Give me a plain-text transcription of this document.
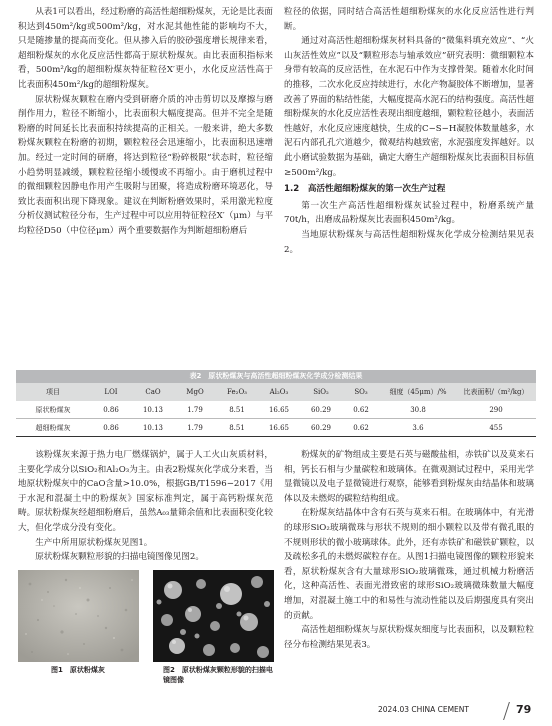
从表1可以看出，经过粉磨的高活性超细粉煤灰，无论是比表面积达到450m²/kg或500m²/kg，对水泥其他性能的影响均不大，只是随掺量的提高而变化。但从掺入后的胶砂强度增长规律来看，超细粉煤灰的水化反应活性都高于原状粉煤灰。由比表面积指标来看，500m²/kg的超细粉煤灰特征粒径X′更小，水化反应活性高于比表面积450m²/kg的超细粉煤灰。

原状粉煤灰颗粒在磨内受到研磨介质的冲击剪切以及摩擦与磨削作用力，粒径不断缩小，比表面积大幅度提高。但并不完全是随粉磨的时间延长比表面积持续提高的正相关。一般来讲，绝大多数粉煤灰颗粒在粉磨的初期，颗粒粒径会迅速缩小，比表面积迅速增加。经过一定时间的研磨，将达到粒径“粉碎极限”状态时，粒径缩小趋势明显减缓，颗粒粒径缩小缓慢或不再缩小。由于磨机过程中的微细颗粒因静电作用产生吸附与团聚，将造成粉磨环境恶化，导致比表面积出现下降现象。建议在判断粉磨效果时，采用激光粒度分析仪测试粒径分布，生产过程中可以应用特征粒径X′（μm）与平均粒径D50（中位径μm）两个重要数据作为判断超细粉磨后

粒径的依据，同时结合高活性超细粉煤灰的水化反应活性进行判断。

通过对高活性超细粉煤灰材料具备的“微集料填充效应”、“火山灰活性效应”以及“颗粒形态与轴承效应”研究表明：微细颗粒本身带有较高的反应活性，在水泥石中作为支撑骨架。随着水化时间的推移，二次水化反应持续进行，水化产物凝胶体不断增加，显著改善了界面的粘结性能，大幅度提高水泥石的结构强度。高活性超细粉煤灰的水化反应活性表现出细度越细，颗粒粒径越小，表面活性越好，水化反应速度越快，生成的C−S−H凝胶体数量越多，水泥石内部孔孔穴道越少，微观结构越致密，水泥强度发挥越好。以此小磨试验数据为基础，确定大磨生产超细粉煤灰比表面积目标值≥500m²/kg。

1.2　高活性超细粉煤灰的第一次生产过程

第一次生产高活性超细粉煤灰试验过程中，粉磨系统产量70t/h，出磨成品粉煤灰比表面积450m²/kg。

当地原状粉煤灰与高活性超细粉煤灰化学成分检测结果见表2。

表2　原状粉煤灰与高活性超细粉煤灰化学成分检测结果
项目	LOI	CaO	MgO	Fe₂O₃	Al₂O₃	SiO₂	SO₃	细度（45μm）/%	比表面积/（m²/kg）
原状粉煤灰	0.86	10.13	1.79	8.51	16.65	60.29	0.62	30.8	290
超细粉煤灰	0.86	10.13	1.79	8.51	16.65	60.29	0.62	3.6	455

该粉煤灰来源于热力电厂燃煤锅炉，属于人工火山灰质材料，主要化学成分以SiO₂和Al₂O₃为主。由表2粉煤灰化学成分来看，当地原状粉煤灰中的CaO含量>10.0%，根据GB/T1596−2017《用于水泥和混凝土中的粉煤灰》国家标准判定，属于高钙粉煤灰范畴。原状粉煤灰经超细粉磨后，虽然A₀₃量筛余值和比表面积变化较大，但化学成分没有变化。

生产中所用原状粉煤灰见图1。

原状粉煤灰颗粒形貌的扫描电镜图像见图2。

粉煤灰的矿物组成主要是石英与磁酸盐相，赤铁矿以及莫来石相，钙长石相与少量碳粒和玻璃体。在微观测试过程中，采用光学显微镜以及电子显微镜进行观察，能够看到粉煤灰由结晶体和玻璃体以及未燃烬的碳粒结构组成。

在粉煤灰结晶体中含有石英与莫来石相。在玻璃体中，有光滑的球形SiO₂玻璃微珠与形状不规则的细小颗粒以及带有微孔眼的不规则形状的微小玻璃球体。此外，还有赤铁矿和磁铁矿颗粒，以及疏松多孔的未燃烬碳粒存在。从图1扫描电镜图像的颗粒形貌来看，原状粉煤灰含有大量球形SiO₂玻璃微珠，通过机械力粉磨活化，这种高活性、表面光滑致密的球形SiO₂玻璃微珠数量大幅度增加，对混凝土施工中的和易性与流动性能以及后期强度具有突出的贡献。

高活性超细粉煤灰与原状粉煤灰细度与比表面积，以及颗粒粒径分布检测结果见表3。

图1　原状粉煤灰	图2　原状粉煤灰颗粒形貌的扫描电镜图像
2024.03 CHINA CEMENT	79
